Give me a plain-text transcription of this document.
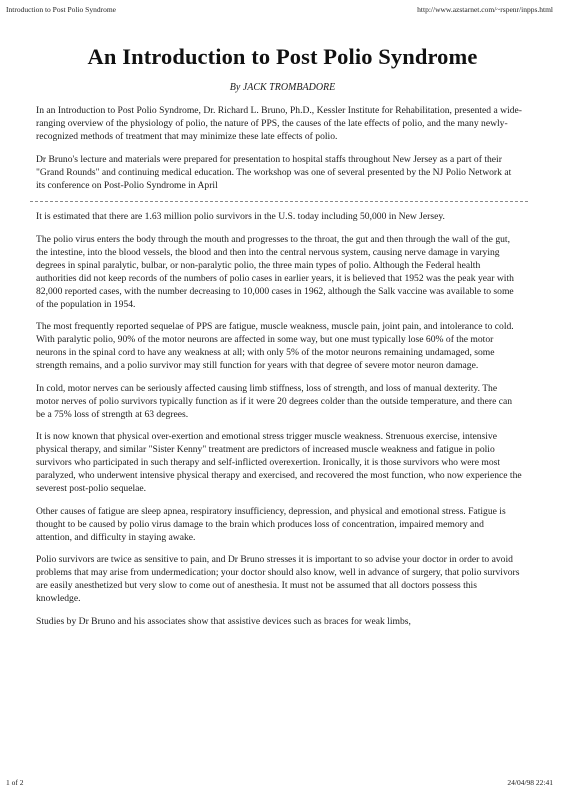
Introduction to Post Polio Syndrome	http://www.azstarnet.com/~rspenr/inpps.html
An Introduction to Post Polio Syndrome
By JACK TROMBADORE

In an Introduction to Post Polio Syndrome, Dr. Richard L. Bruno, Ph.D., Kessler Institute for Rehabilitation, presented a wide-ranging overview of the physiology of polio, the nature of PPS, the causes of the late effects of polio, and the many newly-recognized methods of treatment that may minimize these late effects of polio.

Dr Bruno's lecture and materials were prepared for presentation to hospital staffs throughout New Jersey as a part of their "Grand Rounds" and continuing medical education. The workshop was one of several presented by the NJ Polio Network at its conference on Post-Polio Syndrome in April

It is estimated that there are 1.63 million polio survivors in the U.S. today including 50,000 in New Jersey.

The polio virus enters the body through the mouth and progresses to the throat, the gut and then through the wall of the gut, the intestine, into the blood vessels, the blood and then into the central nervous system, causing nerve damage in varying degrees in spinal paralytic, bulbar, or non-paralytic polio, the three main types of polio. Although the Federal health authorities did not keep records of the numbers of polio cases in earlier years, it is believed that 1952 was the peak year with 82,000 reported cases, with the number decreasing to 10,000 cases in 1962, although the Salk vaccine was available to some of the population in 1954.

The most frequently reported sequelae of PPS are fatigue, muscle weakness, muscle pain, joint pain, and intolerance to cold. With paralytic polio, 90% of the motor neurons are affected in some way, but one must typically lose 60% of the motor neurons in the spinal cord to have any weakness at all; with only 5% of the motor neurons remaining undamaged, some strength remains, and a polio survivor may still function for years with that degree of severe motor neuron damage.

In cold, motor nerves can be seriously affected causing limb stiffness, loss of strength, and loss of manual dexterity. The motor nerves of polio survivors typically function as if it were 20 degrees colder than the outside temperature, and there can be a 75% loss of strength at 63 degrees.

It is now known that physical over-exertion and emotional stress trigger muscle weakness. Strenuous exercise, intensive physical therapy, and similar "Sister Kenny" treatment are predictors of increased muscle weakness and fatigue in polio survivors who participated in such therapy and self-inflicted overexertion. Ironically, it is those survivors who were most paralyzed, who underwent intensive physical therapy and exercised, and recovered the most function, who now experience the severest post-polio sequelae.

Other causes of fatigue are sleep apnea, respiratory insufficiency, depression, and physical and emotional stress. Fatigue is thought to be caused by polio virus damage to the brain which produces loss of concentration, impaired memory and attention, and difficulty in staying awake.

Polio survivors are twice as sensitive to pain, and Dr Bruno stresses it is important to so advise your doctor in order to avoid problems that may arise from undermedication; your doctor should also know, well in advance of surgery, that polio survivors are easily anesthetized but very slow to come out of anesthesia. It must not be assumed that all doctors possess this knowledge.

Studies by Dr Bruno and his associates show that assistive devices such as braces for weak limbs,

1 of 2	24/04/98 22:41
